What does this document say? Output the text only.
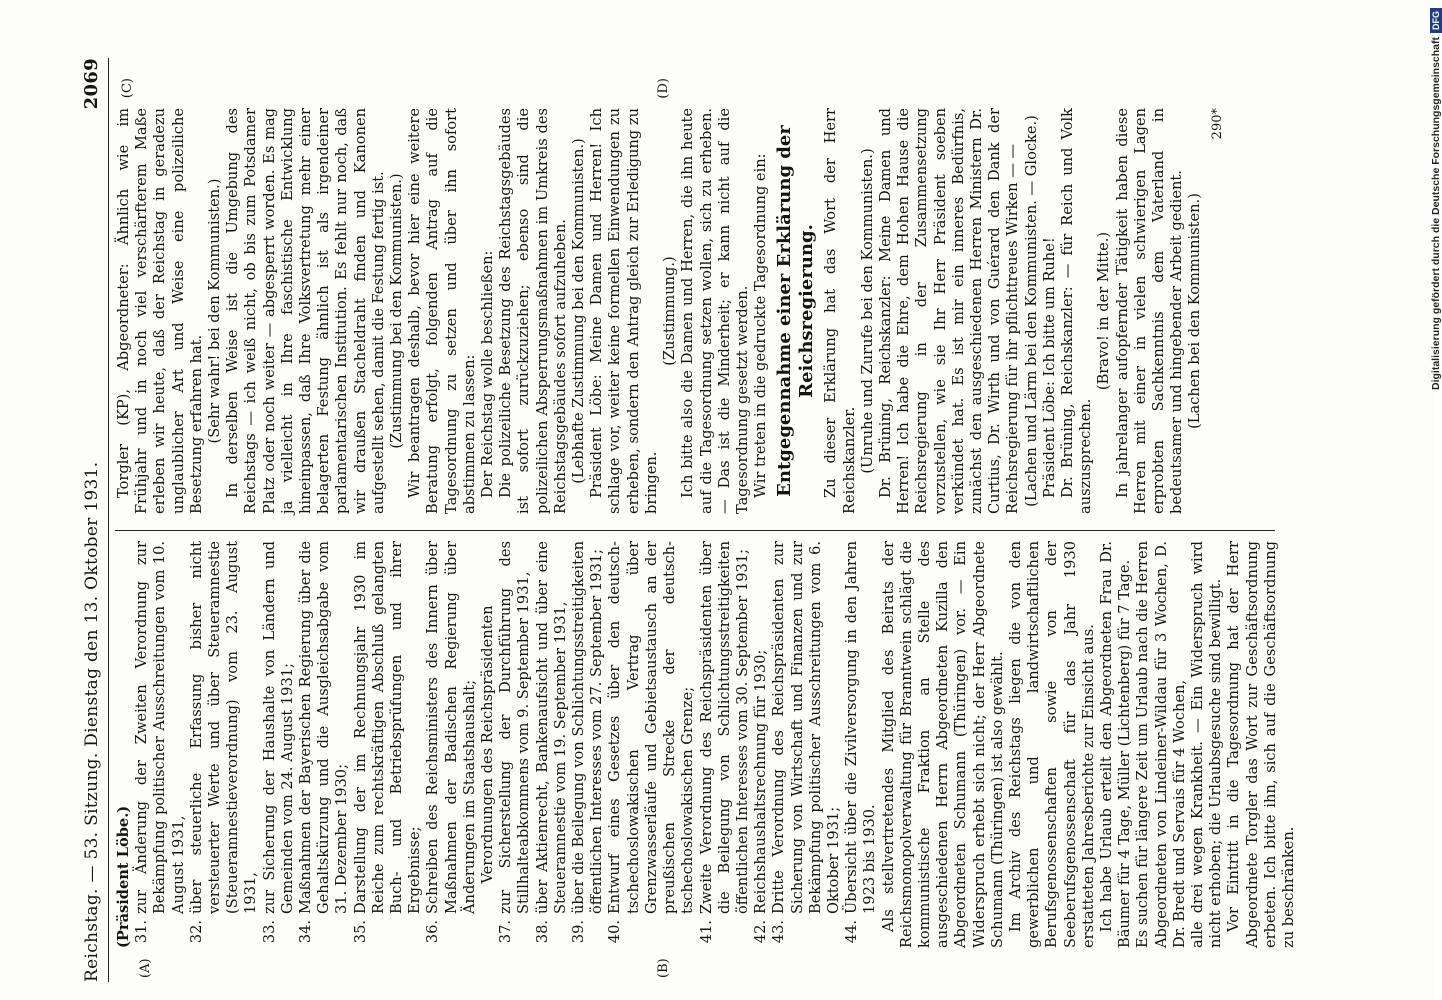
Reichstag. — 53. Sitzung. Dienstag den 13. Oktober 1931.
2069
(A)	(B)

(Präsident Löbe.) 31.
zur Änderung der Zweiten Verordnung zur Bekämpfung politischer Ausschreitungen vom 10. August 1931,
32.
über steuerliche Erfassung bisher nicht versteuerter Werte und über Steueramnestie (Steueramnestieverordnung) vom 23. August 1931,
33.
zur Sicherung der Haushalte von Ländern und Gemeinden vom 24. August 1931;
34.
Maßnahmen der Bayerischen Regierung über die Gehaltskürzung und die Ausgleichsabgabe vom 31. Dezember 1930;
35.
Darstellung der im Rechnungsjahr 1930 im Reiche zum rechtskräftigen Abschluß gelangten Buch- und Betriebsprüfungen und ihrer Ergebnisse;
36.
Schreiben des Reichsministers des Innern über Maßnahmen der Badischen Regierung über Änderungen im Staatshaushalt; Verordnungen des Reichspräsidenten

37.
zur Sicherstellung der Durchführung des Stillhalteabkommens vom 9. September 1931,
38.
über Aktienrecht, Bankenaufsicht und über eine Steueramnestie vom 19. September 1931,
39.
über die Beilegung von Schlichtungsstreitigkeiten öffentlichen Interesses vom 27. September 1931;
40.
Entwurf eines Gesetzes über den deutsch-tschechoslowakischen Vertrag über Grenzwasserläufe und Gebietsaustausch an der preußischen Strecke der deutsch-tschechoslowakischen Grenze;
41.
Zweite Verordnung des Reichspräsidenten über die Beilegung von Schlichtungsstreitigkeiten öffentlichen Interesses vom 30. September 1931;
42.
Reichshaushaltsrechnung für 1930;
43.
Dritte Verordnung des Reichspräsidenten zur Sicherung von Wirtschaft und Finanzen und zur Bekämpfung politischer Ausschreitungen vom 6. Oktober 1931;
44.
Übersicht über die Zivilversorgung in den Jahren 1923 bis 1930. Als stellvertretendes Mitglied des Beirats der Reichsmonopolverwaltung für Branntwein schlägt die kommunistische Fraktion an Stelle des ausgeschiedenen Herrn Abgeordneten Kuzilla den Abgeordneten Schumann (Thüringen) vor. — Ein Widerspruch erhebt sich nicht; der Herr Abgeordnete Schumann (Thüringen) ist also gewählt. Im Archiv des Reichstags liegen die von den gewerblichen und landwirtschaftlichen Berufsgenossenschaften sowie von der Seeberufsgenossenschaft für das Jahr 1930 erstatteten Jahresberichte zur Einsicht aus. Ich habe Urlaub erteilt den Abgeordneten Frau Dr. Bäumer für 4 Tage, Müller (Lichtenberg) für 7 Tage. Es suchen für längere Zeit um Urlaub nach die Herren Abgeordneten von Lindeiner-Wildau für 3 Wochen, D. Dr. Bredt und Servais für 4 Wochen, alle drei wegen Krankheit. — Ein Widerspruch wird nicht erhoben; die Urlaubsgesuche sind bewilligt. Vor Eintritt in die Tagesordnung hat der Herr Abgeordnete Torgler das Wort zur Geschäftsordnung erbeten. Ich bitte ihn, sich auf die Geschäftsordnung zu beschränken.

(C)	(D)

Torgler (KP), Abgeordneter: Ähnlich wie im Frühjahr und in noch viel verschärfterem Maße erleben wir heute, daß der Reichstag in geradezu unglaublicher Art und Weise eine polizeiliche Besetzung erfahren hat. (Sehr wahr! bei den Kommunisten.) In derselben Weise ist die Umgebung des Reichstags — ich weiß nicht, ob bis zum Potsdamer Platz oder noch weiter — abgesperrt worden. Es mag ja vielleicht in Ihre faschistische Entwicklung hineinpassen, daß Ihre Volksvertretung mehr einer belagerten Festung ähnlich ist als irgendeiner parlamentarischen Institution. Es fehlt nur noch, daß wir draußen Stacheldraht finden und Kanonen aufgestellt sehen, damit die Festung fertig ist. (Zustimmung bei den Kommunisten.) Wir beantragen deshalb, bevor hier eine weitere Beratung erfolgt, folgenden Antrag auf die Tagesordnung zu setzen und über ihn sofort abstimmen zu lassen: Der Reichstag wolle beschließen: Die polizeiliche Besetzung des Reichstagsgebäudes ist sofort zurückzuziehen; ebenso sind die polizeilichen Absperrungsmaßnahmen im Umkreis des Reichstagsgebäudes sofort aufzuheben. (Lebhafte Zustimmung bei den Kommunisten.) Präsident Löbe: Meine Damen und Herren! Ich schlage vor, weiter keine formellen Einwendungen zu erheben, sondern den Antrag gleich zur Erledigung zu bringen.

(Zustimmung.) Ich bitte also die Damen und Herren, die ihn heute auf die Tagesordnung setzen wollen, sich zu erheben. — Das ist die Minderheit; er kann nicht auf die Tagesordnung gesetzt werden. Wir treten in die gedruckte Tagesordnung ein: Entgegennahme einer Erklärung der Reichsregierung. Zu dieser Erklärung hat das Wort der Herr Reichskanzler. (Unruhe und Zurufe bei den Kommunisten.) Dr. Brüning, Reichskanzler: Meine Damen und Herren! Ich habe die Ehre, dem Hohen Hause die Reichsregierung in der Zusammensetzung vorzustellen, wie sie Ihr Herr Präsident soeben verkündet hat. Es ist mir ein inneres Bedürfnis, zunächst den ausgeschiedenen Herren Ministern Dr. Curtius, Dr. Wirth und von Guérard den Dank der Reichsregierung für ihr pflichttreues Wirken — — (Lachen und Lärm bei den Kommunisten. — Glocke.) Präsident Löbe: Ich bitte um Ruhe! Dr. Brüning, Reichskanzler: — für Reich und Volk auszusprechen.

(Bravo! in der Mitte.) In jahrelanger aufopfernder Tätigkeit haben diese Herren mit einer in vielen schwierigen Lagen erprobten Sachkenntnis dem Vaterland in bedeutsamer und hingebender Arbeit gedient. (Lachen bei den Kommunisten.)

290*	Digitalisierung gefördert durch die Deutsche Forschungsgemeinschaft
DFG
